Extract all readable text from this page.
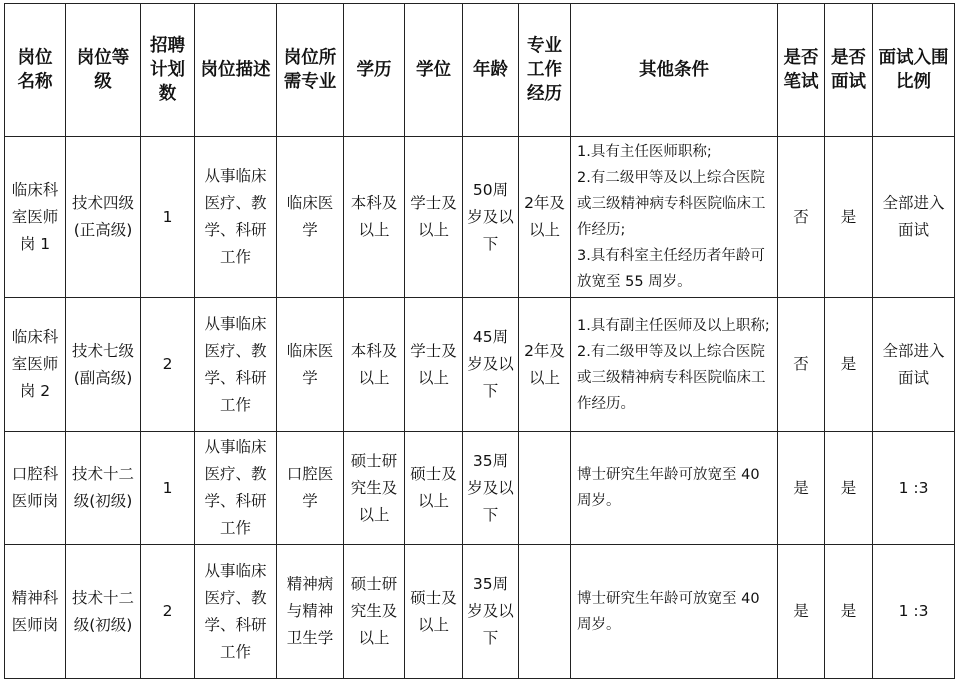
岗位名称	岗位等级	招聘计划数	岗位描述	岗位所需专业	学历	学位	年龄	专业工作经历	其他条件	是否笔试	是否面试	面试入围比例
临床科室医师岗 1	技术四级(正高级)	1	从事临床医疗、教学、科研 工作	临床医学	本科及以上	学士及以上	50周岁及以下	2年及以上	1.具有主任医师职称;
2.有二级甲等及以上综合医院或三级精神病专科医院临床工作经历;
3.具有科室主任经历者年龄可放宽至 55 周岁。	否	是	全部进入面试
临床科室医师岗 2	技术七级(副高级)	2	从事临床医疗、教学、科研工作	临床医学	本科及以上	学士及以上	45周岁及以下	2年及以上	1.具有副主任医师及以上职称;
2.有二级甲等及以上综合医院或三级精神病专科医院临床工作经历。	否	是	全部进入面试
口腔科医师岗	技术十二级(初级)	1	从事临床医疗、教学、科研工作	口腔医学	硕士研究生及以上	硕士及以上	35周岁及以下		博士研究生年龄可放宽至 40 周岁。	是	是	1 :3
精神科医师岗	技术十二级(初级)	2	从事临床医疗、教学、科研工作	精神病与精神卫生学	硕士研究生及以上	硕士及以上	35周岁及以下		博士研究生年龄可放宽至 40 周岁。	是	是	1 :3
